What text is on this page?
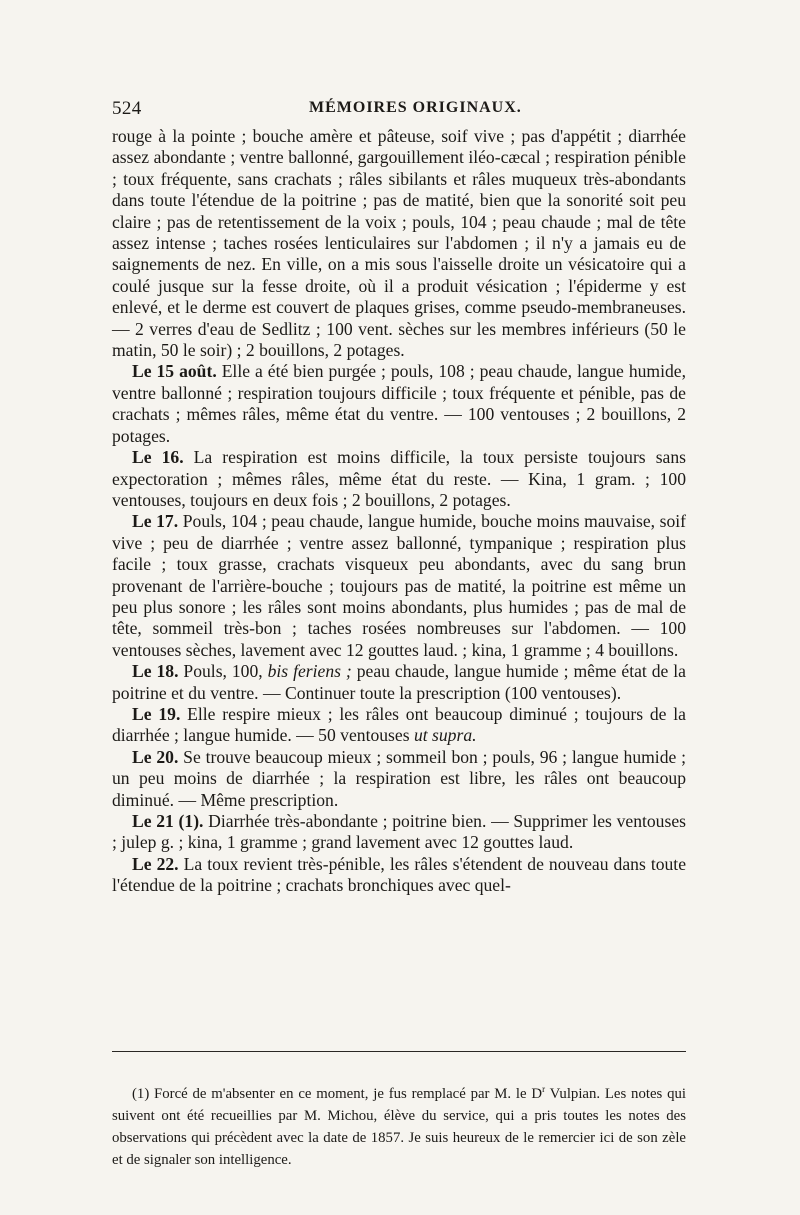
524	MÉMOIRES ORIGINAUX.

rouge à la pointe ; bouche amère et pâteuse, soif vive ; pas d'appétit ; diarrhée assez abondante ; ventre ballonné, gargouillement iléo-cæcal ; respiration pénible ; toux fréquente, sans crachats ; râles sibilants et râles muqueux très-abondants dans toute l'étendue de la poitrine ; pas de matité, bien que la sonorité soit peu claire ; pas de retentissement de la voix ; pouls, 104 ; peau chaude ; mal de tête assez intense ; taches rosées lenticulaires sur l'abdomen ; il n'y a jamais eu de saignements de nez. En ville, on a mis sous l'aisselle droite un vésicatoire qui a coulé jusque sur la fesse droite, où il a produit vésication ; l'épiderme y est enlevé, et le derme est couvert de plaques grises, comme pseudo-membraneuses. — 2 verres d'eau de Sedlitz ; 100 vent. sèches sur les membres inférieurs (50 le matin, 50 le soir) ; 2 bouillons, 2 potages.

Le 15 août. Elle a été bien purgée ; pouls, 108 ; peau chaude, langue humide, ventre ballonné ; respiration toujours difficile ; toux fréquente et pénible, pas de crachats ; mêmes râles, même état du ventre. — 100 ventouses ; 2 bouillons, 2 potages.

Le 16. La respiration est moins difficile, la toux persiste toujours sans expectoration ; mêmes râles, même état du reste. — Kina, 1 gram. ; 100 ventouses, toujours en deux fois ; 2 bouillons, 2 potages.

Le 17. Pouls, 104 ; peau chaude, langue humide, bouche moins mauvaise, soif vive ; peu de diarrhée ; ventre assez ballonné, tympanique ; respiration plus facile ; toux grasse, crachats visqueux peu abondants, avec du sang brun provenant de l'arrière-bouche ; toujours pas de matité, la poitrine est même un peu plus sonore ; les râles sont moins abondants, plus humides ; pas de mal de tête, sommeil très-bon ; taches rosées nombreuses sur l'abdomen. — 100 ventouses sèches, lavement avec 12 gouttes laud. ; kina, 1 gramme ; 4 bouillons.

Le 18. Pouls, 100, bis feriens ; peau chaude, langue humide ; même état de la poitrine et du ventre. — Continuer toute la prescription (100 ventouses).

Le 19. Elle respire mieux ; les râles ont beaucoup diminué ; toujours de la diarrhée ; langue humide. — 50 ventouses ut supra.

Le 20. Se trouve beaucoup mieux ; sommeil bon ; pouls, 96 ; langue humide ; un peu moins de diarrhée ; la respiration est libre, les râles ont beaucoup diminué. — Même prescription.

Le 21 (1). Diarrhée très-abondante ; poitrine bien. — Supprimer les ventouses ; julep g. ; kina, 1 gramme ; grand lavement avec 12 gouttes laud.

Le 22. La toux revient très-pénible, les râles s'étendent de nouveau dans toute l'étendue de la poitrine ; crachats bronchiques avec quel-

(1) Forcé de m'absenter en ce moment, je fus remplacé par M. le $D^r$ Vulpian. Les notes qui suivent ont été recueillies par M. Michou, élève du service, qui a pris toutes les notes des observations qui précèdent avec la date de 1857. Je suis heureux de le remercier ici de son zèle et de signaler son intelligence.
